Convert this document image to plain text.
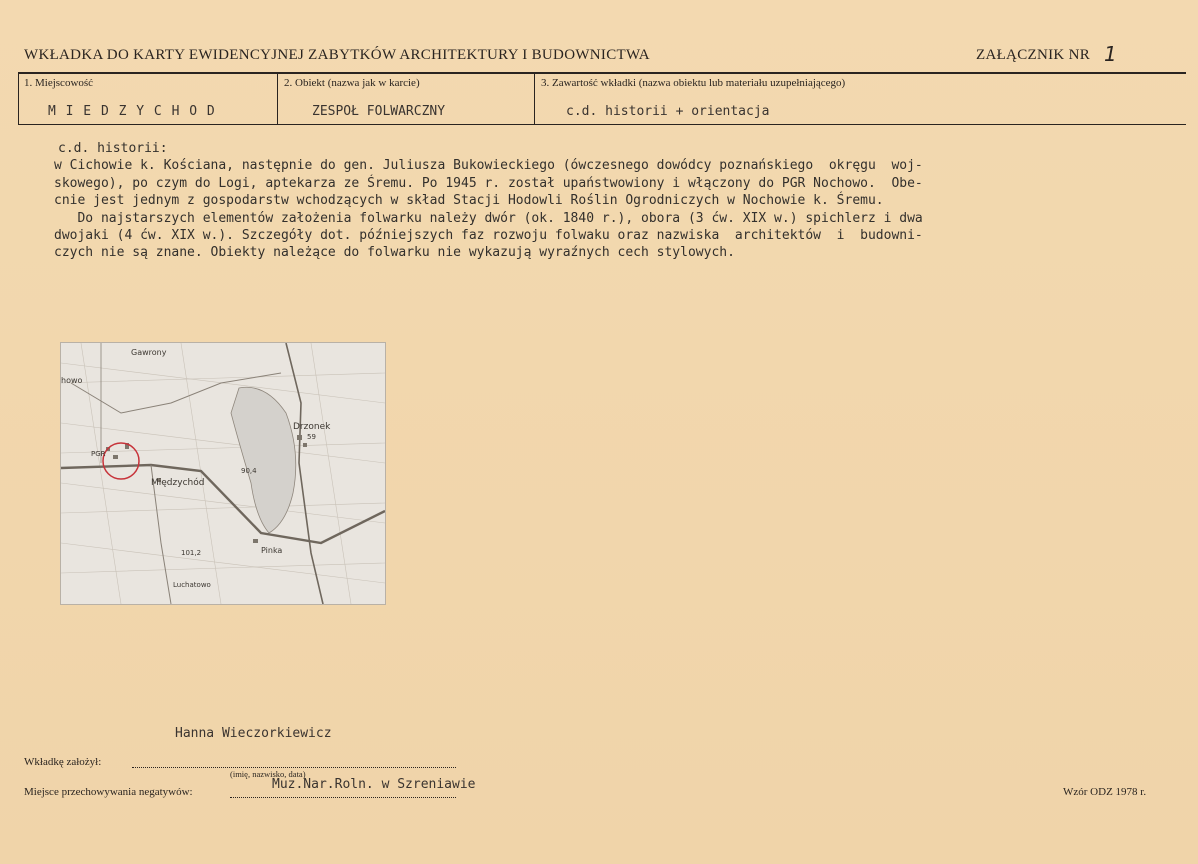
WKŁADKA DO KARTY EWIDENCYJNEJ ZABYTKÓW ARCHITEKTURY I BUDOWNICTWA	ZAŁĄCZNIK NR 1
1. Miejscowość	2. Obiekt (nazwa jak w karcie)	3. Zawartość wkładki (nazwa obiektu lub materiału uzupełniającego)
M I E D Z Y C H O D	ZESPOŁ FOLWARCZNY	c.d. historii + orientacja
c.d. historii:
w Cichowie k. Kościana, następnie do gen. Juliusza Bukowieckiego (ówczesnego dowódcy poznańskiego  okręgu  woj-
skowego), po czym do Logi, aptekarza ze Śremu. Po 1945 r. został upaństwowiony i włączony do PGR Nochowo.  Obe-
cnie jest jednym z gospodarstw wchodzących w skład Stacji Hodowli Roślin Ogrodniczych w Nochowie k. Śremu.
Do najstarszych elementów założenia folwarku należy dwór (ok. 1840 r.), obora (3 ćw. XIX w.) spichlerz i dwa
dwojaki (4 ćw. XIX w.). Szczegóły dot. późniejszych faz rozwoju folwaku oraz nazwiska  architektów  i  budowni-
czych nie są znane. Obiekty należące do folwarku nie wykazują wyraźnych cech stylowych.
Gawrony
howo
Drzonek
PGR
Międzychód
Pinka
Luchatowo
90,4
101,2
59
Hanna Wieczorkiewicz
Wkładkę założył:
(imię, nazwisko, data)
Miejsce przechowywania negatywów:	Muz.Nar.Roln. w Szreniawie	Wzór ODZ 1978 r.
